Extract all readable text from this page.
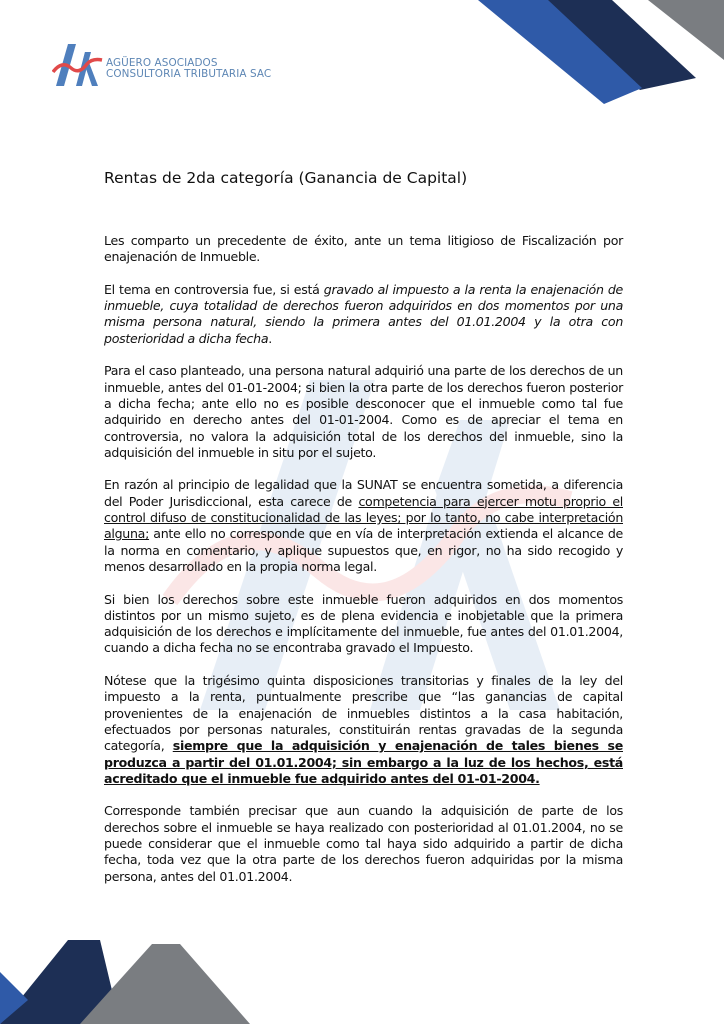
AGÜERO ASOCIADOS
CONSULTORIA TRIBUTARIA SAC
Rentas de 2da categoría (Ganancia de Capital)

Les comparto un precedente de éxito, ante un tema litigioso de Fiscalización por enajenación de Inmueble.

El tema en controversia fue, si está gravado al impuesto a la renta la enajenación de inmueble, cuya totalidad de derechos fueron adquiridos en dos momentos por una misma persona natural, siendo la primera antes del 01.01.2004 y la otra con posterioridad a dicha fecha.

Para el caso planteado, una persona natural adquirió una parte de los derechos de un inmueble, antes del 01-01-2004; si bien la otra parte de los derechos fueron posterior a dicha fecha; ante ello no es posible desconocer que el inmueble como tal fue adquirido en derecho antes del 01-01-2004. Como es de apreciar el tema en controversia, no valora la adquisición total de los derechos del inmueble, sino la adquisición del inmueble in situ por el sujeto.

En razón al principio de legalidad que la SUNAT se encuentra sometida, a diferencia del Poder Jurisdiccional, esta carece de competencia para ejercer motu proprio el control difuso de constitucionalidad de las leyes; por lo tanto, no cabe interpretación alguna; ante ello no corresponde que en vía de interpretación extienda el alcance de la norma en comentario, y aplique supuestos que, en rigor, no ha sido recogido y menos desarrollado en la propia norma legal.

Si bien los derechos sobre este inmueble fueron adquiridos en dos momentos distintos por un mismo sujeto, es de plena evidencia e inobjetable que la primera adquisición de los derechos e implícitamente del inmueble, fue antes del 01.01.2004, cuando a dicha fecha no se encontraba gravado el Impuesto.

Nótese que la trigésimo quinta disposiciones transitorias y finales de la ley del impuesto a la renta, puntualmente prescribe que “las ganancias de capital provenientes de la enajenación de inmuebles distintos a la casa habitación, efectuados por personas naturales, constituirán rentas gravadas de la segunda categoría, siempre que la adquisición y enajenación de tales bienes se produzca a partir del 01.01.2004; sin embargo a la luz de los hechos, está acreditado que el inmueble fue adquirido antes del 01-01-2004.

Corresponde también precisar que aun cuando la adquisición de parte de los derechos sobre el inmueble se haya realizado con posterioridad al 01.01.2004, no se puede considerar que el inmueble como tal haya sido adquirido a partir de dicha fecha, toda vez que la otra parte de los derechos fueron adquiridas por la misma persona, antes del 01.01.2004.
